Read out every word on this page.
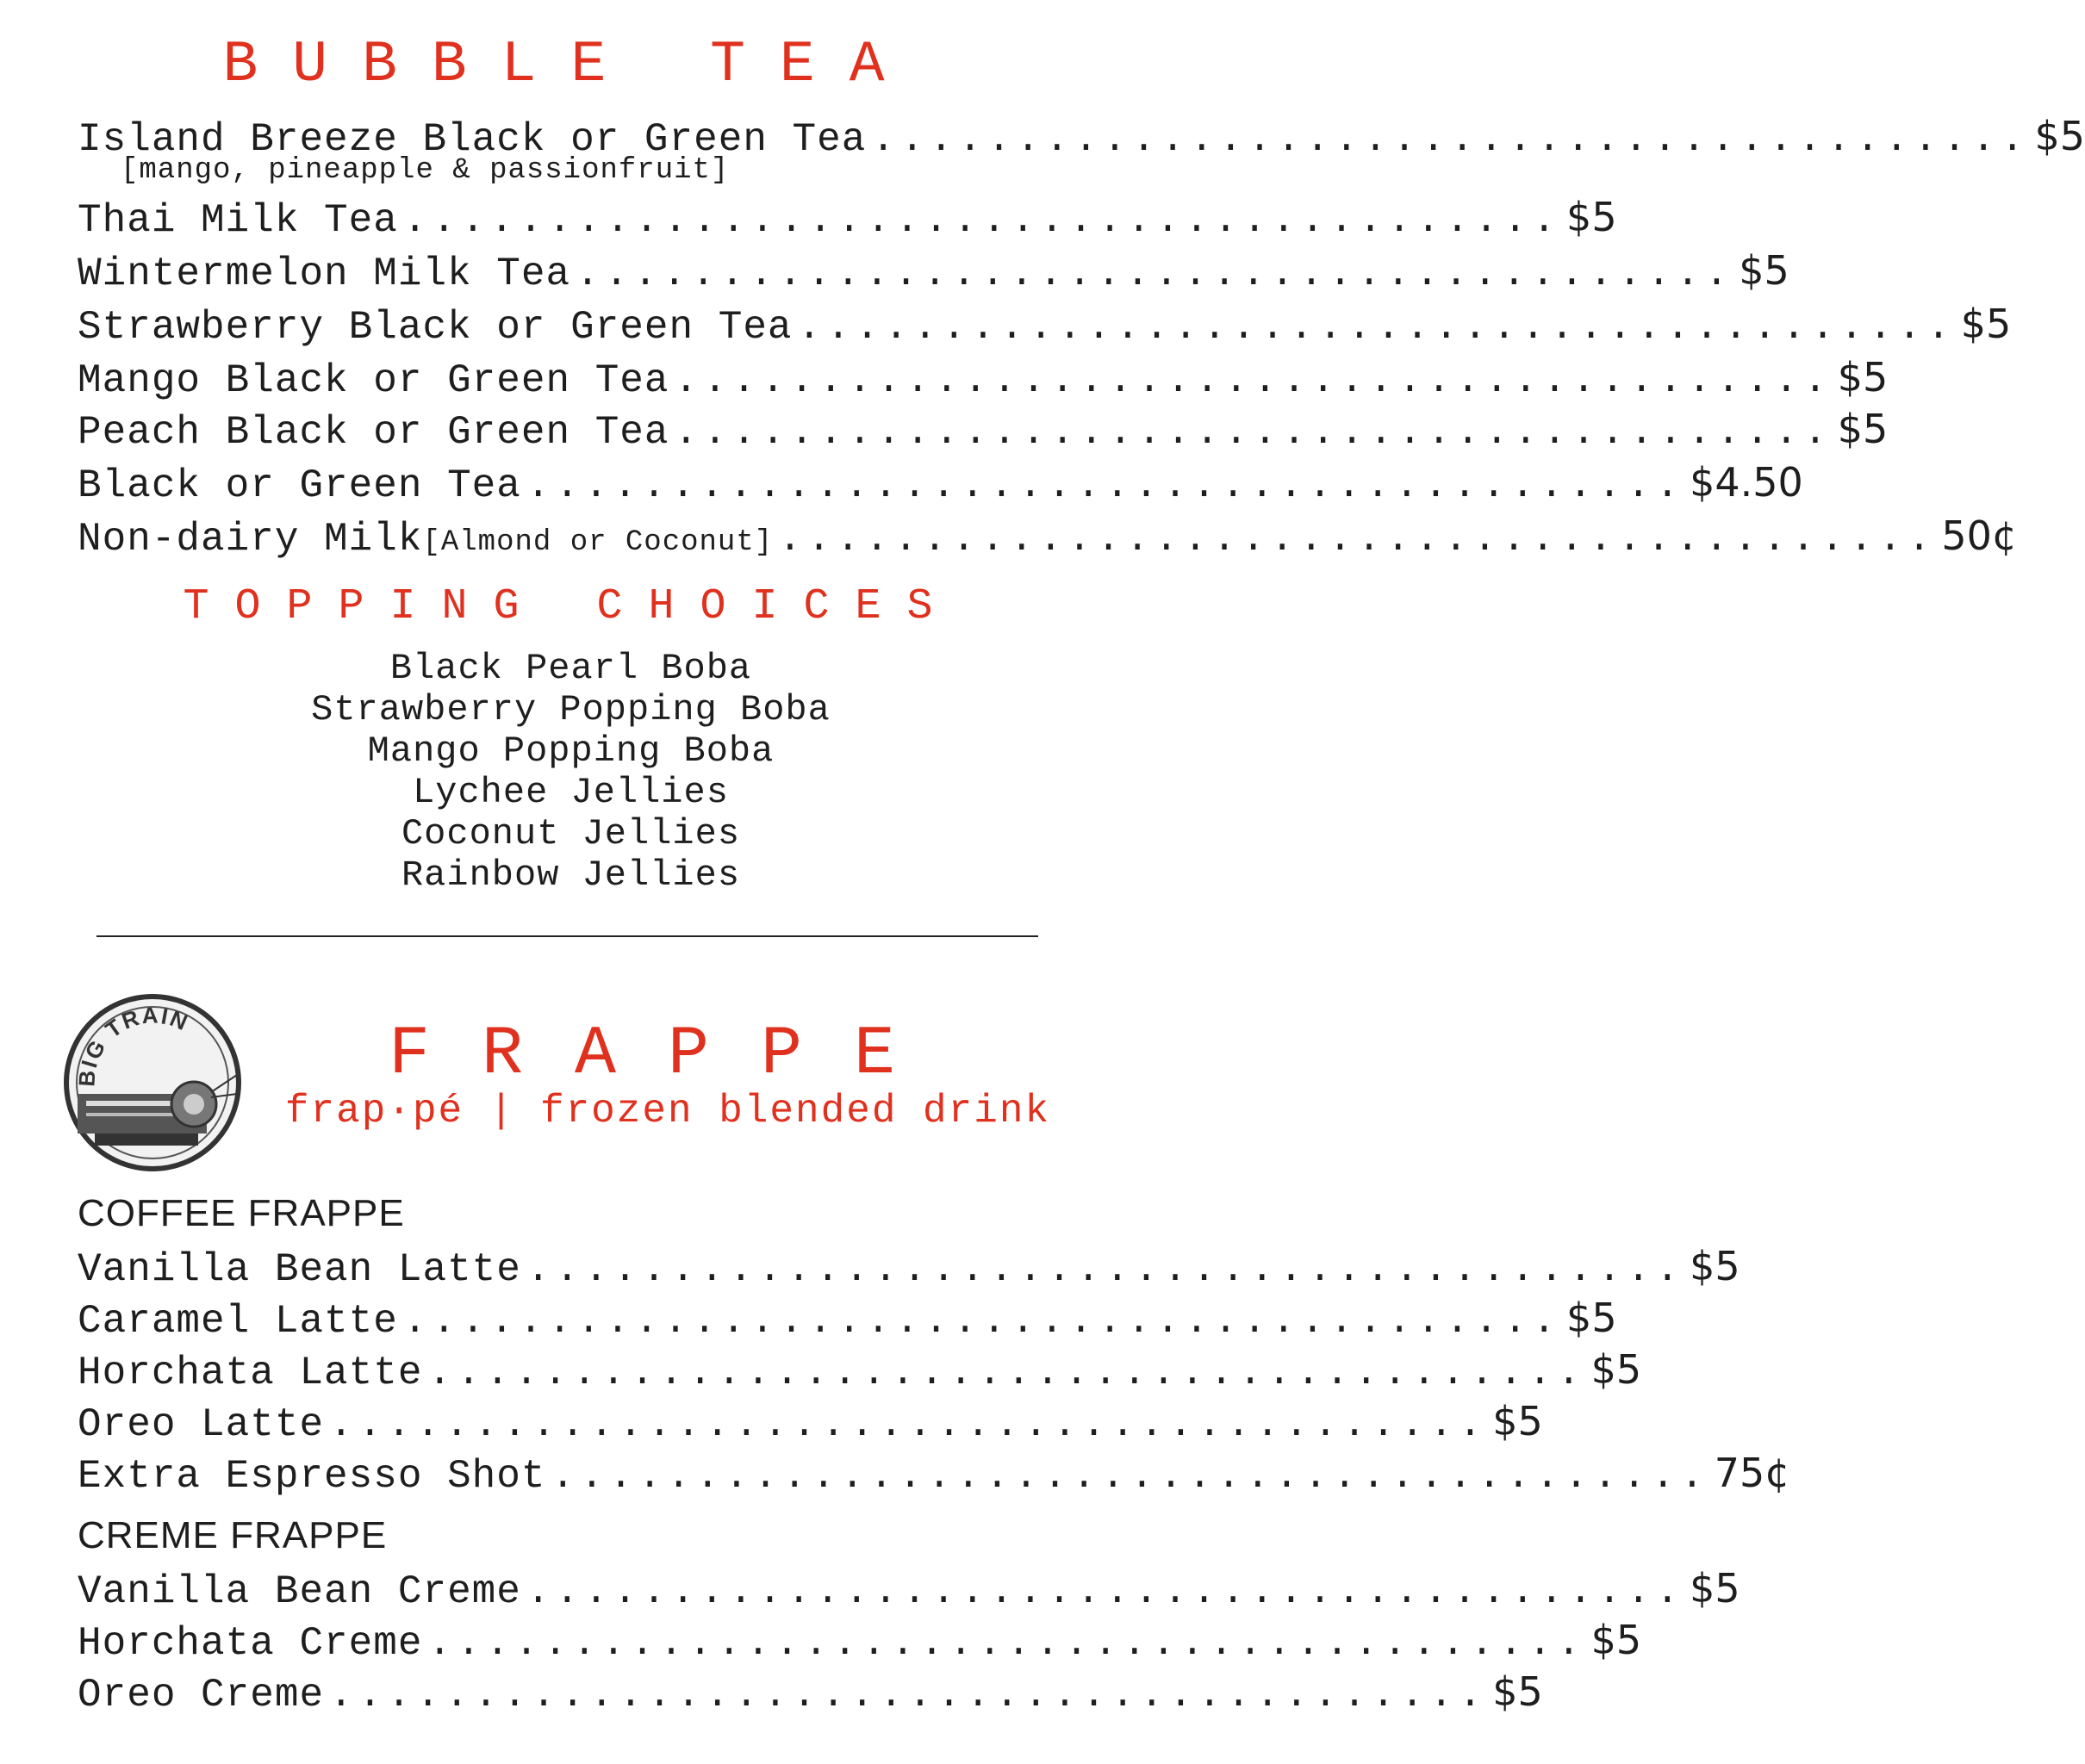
BUBBLE TEA
Island Breeze Black or Green Tea ........................................ $5
[mango, pineapple & passionfruit]
Thai Milk Tea ........................................ $5
Wintermelon Milk Tea ........................................ $5
Strawberry Black or Green Tea ........................................ $5
Mango Black or Green Tea ........................................ $5
Peach Black or Green Tea ........................................ $5
Black or Green Tea ........................................ $4.50
Non-dairy Milk [Almond or Coconut] ........................................ 50¢
TOPPING CHOICES
Black Pearl Boba
Strawberry Popping Boba
Mango Popping Boba
Lychee Jellies
Coconut Jellies
Rainbow Jellies
BIG TRAIN	FRAPPE
frap·pé | frozen blended drink
COFFEE FRAPPE
Vanilla Bean Latte ........................................ $5
Caramel Latte ........................................ $5
Horchata Latte ........................................ $5
Oreo Latte ........................................ $5
Extra Espresso Shot ........................................ 75¢
CREME FRAPPE
Vanilla Bean Creme ........................................ $5
Horchata Creme ........................................ $5
Oreo Creme ........................................ $5
